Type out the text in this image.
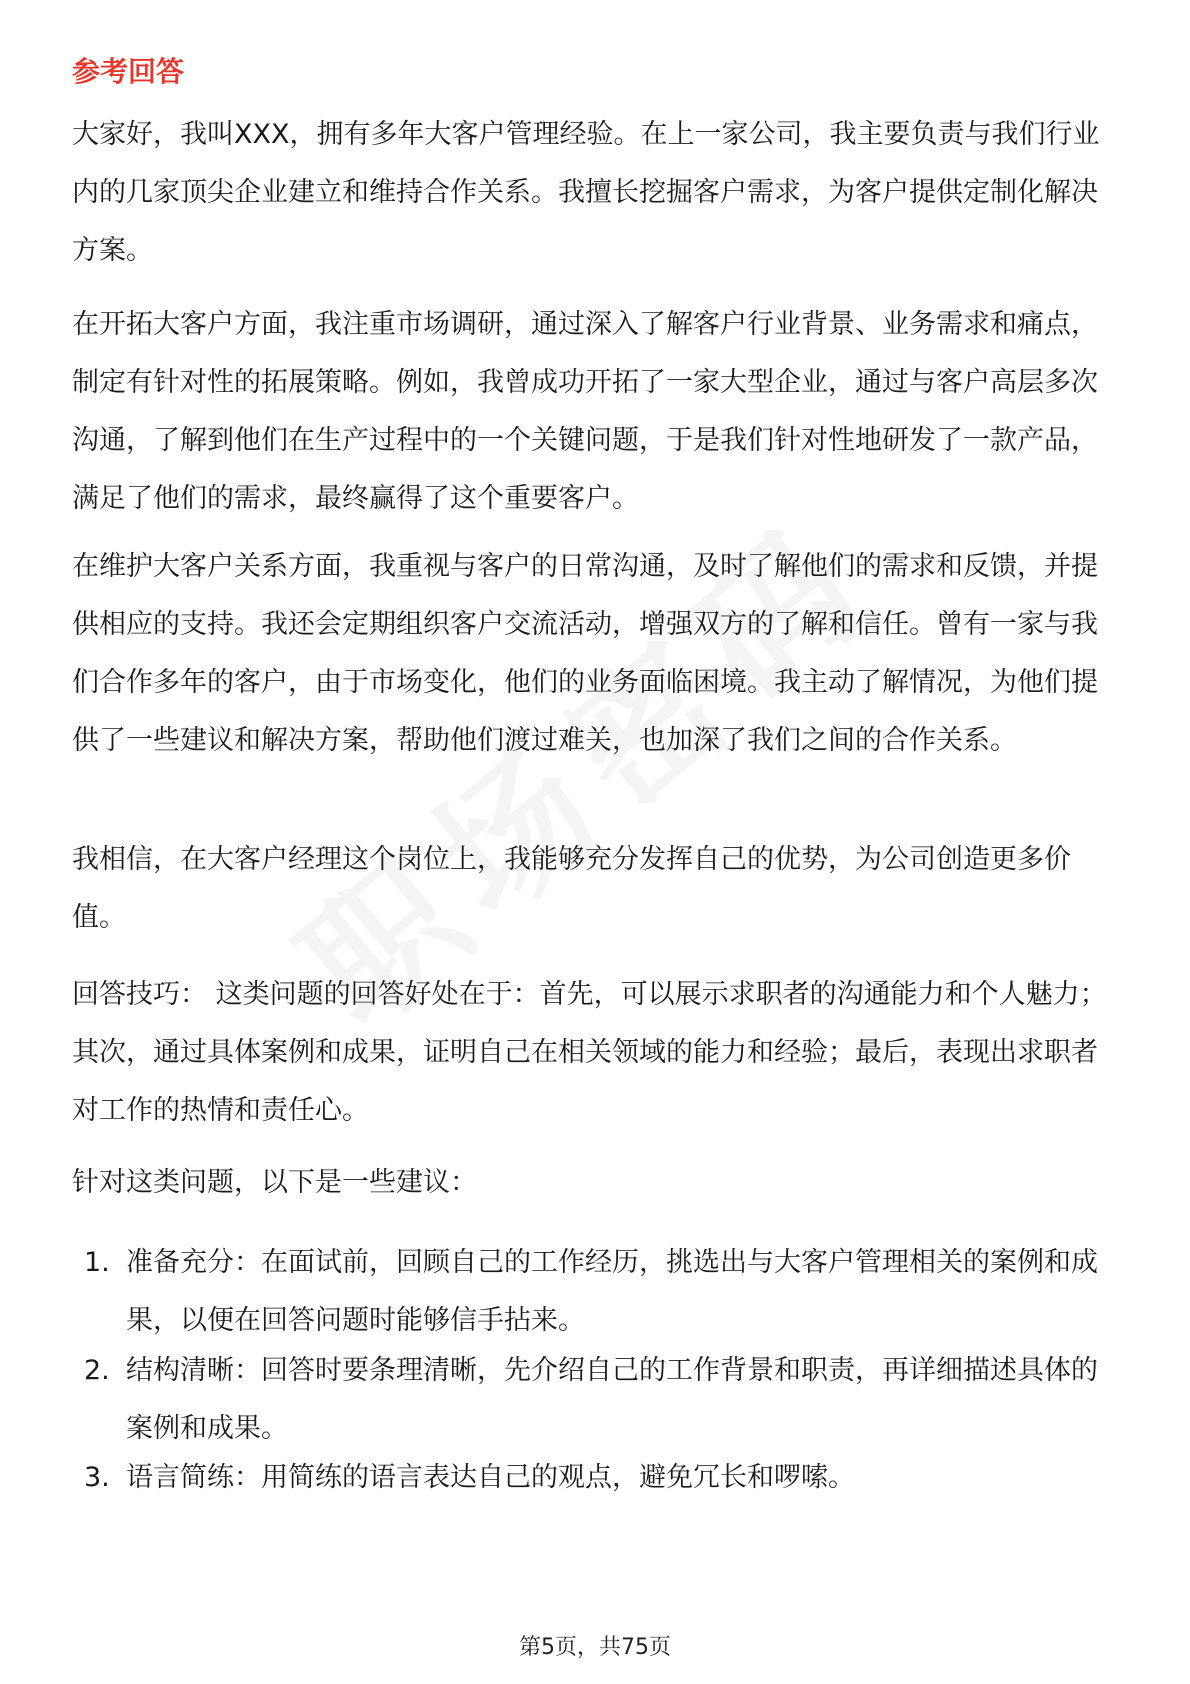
参考回答

大家好，我叫XXX，拥有多年大客户管理经验。在上一家公司，我主要负责与我们行业内的几家顶尖企业建立和维持合作关系。我擅长挖掘客户需求，为客户提供定制化解决方案。

在开拓大客户方面，我注重市场调研，通过深入了解客户行业背景、业务需求和痛点，制定有针对性的拓展策略。例如，我曾成功开拓了一家大型企业，通过与客户高层多次沟通，了解到他们在生产过程中的一个关键问题，于是我们针对性地研发了一款产品，满足了他们的需求，最终赢得了这个重要客户。

在维护大客户关系方面，我重视与客户的日常沟通，及时了解他们的需求和反馈，并提供相应的支持。我还会定期组织客户交流活动，增强双方的了解和信任。曾有一家与我们合作多年的客户，由于市场变化，他们的业务面临困境。我主动了解情况，为他们提供了一些建议和解决方案，帮助他们渡过难关，也加深了我们之间的合作关系。

我相信，在大客户经理这个岗位上，我能够充分发挥自己的优势，为公司创造更多价值。

回答技巧： 这类问题的回答好处在于：首先，可以展示求职者的沟通能力和个人魅力；其次，通过具体案例和成果，证明自己在相关领域的能力和经验；最后，表现出求职者对工作的热情和责任心。

针对这类问题，以下是一些建议：

1. 准备充分：在面试前，回顾自己的工作经历，挑选出与大客户管理相关的案例和成果，以便在回答问题时能够信手拈来。
2. 结构清晰：回答时要条理清晰，先介绍自己的工作背景和职责，再详细描述具体的案例和成果。
3. 语言简练：用简练的语言表达自己的观点，避免冗长和啰嗦。
第5页，共75页
